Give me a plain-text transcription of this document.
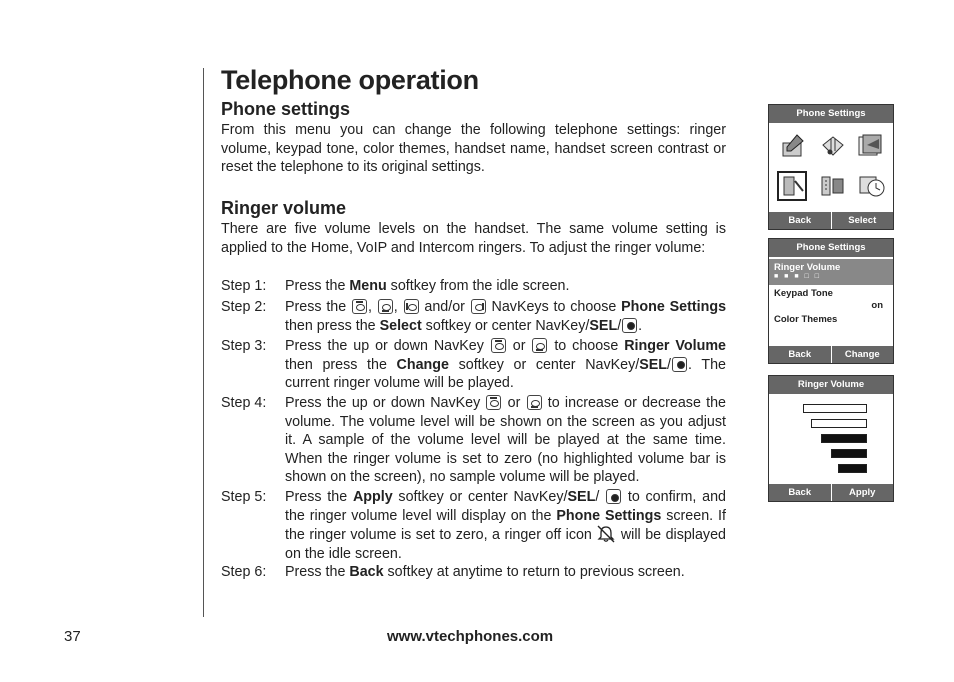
Telephone operation
Phone settings

From this menu you can change the following telephone settings: ringer volume, keypad tone, color themes, handset name, handset screen contrast or reset the telephone to its original settings.

Ringer volume

There are five volume levels on the handset. The same volume setting is applied to the Home, VoIP and Intercom ringers. To adjust the ringer volume:

Step 1: Press the Menu softkey from the idle screen.
Step 2: Press the , ,  and/or  NavKeys to choose Phone Settings then press the Select softkey or center NavKey/SEL/ .
Step 3: Press the up or down NavKey  or  to choose Ringer Volume then press the Change softkey or center NavKey/SEL/ . The current ringer volume will be played.
Step 4: Press the up or down NavKey  or  to increase or decrease the volume. The volume level will be shown on the screen as you adjust it. A sample of the volume level will be played at the same time. When the ringer volume is set to zero (no highlighted volume bar is shown on the screen), no sample volume will be played.
Step 5: Press the Apply softkey or center NavKey/SEL/  to confirm, and the ringer volume level will display on the Phone Settings screen. If the ringer volume is set to zero, a ringer off icon  will be displayed on the idle screen.
Step 6: Press the Back softkey at anytime to return to previous screen.
37	www.vtechphones.com
Phone Settings
Back	Select
Phone Settings
Ringer Volume
■ ■ ■ □ □
Keypad Tone
on
Color Themes
Back	Change
Ringer Volume
Back	Apply
